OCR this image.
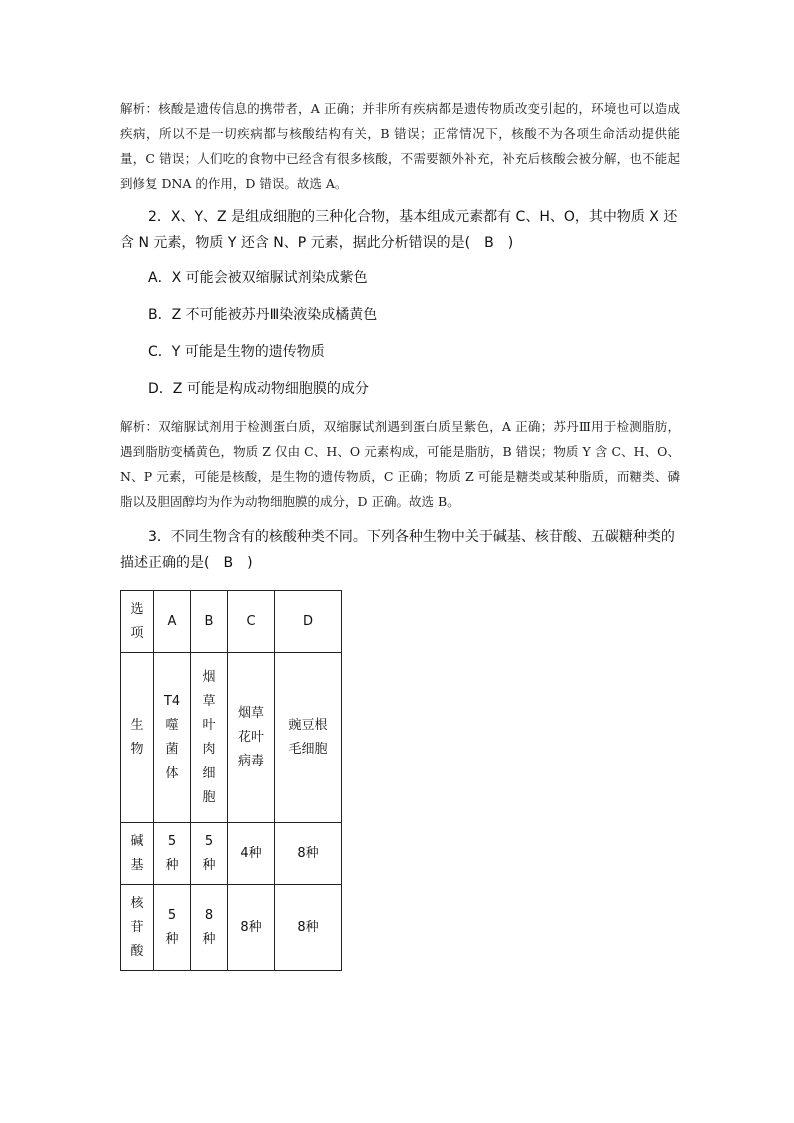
解析：核酸是遗传信息的携带者，A 正确；并非所有疾病都是遗传物质改变引起的，环境也可以造成疾病，所以不是一切疾病都与核酸结构有关，B 错误；正常情况下，核酸不为各项生命活动提供能量，C 错误；人们吃的食物中已经含有很多核酸，不需要额外补充，补充后核酸会被分解，也不能起到修复 DNA 的作用，D 错误。故选 A。

2．X、Y、Z 是组成细胞的三种化合物，基本组成元素都有 C、H、O，其中物质 X 还含 N 元素，物质 Y 还含 N、P 元素，据此分析错误的是(　B　)

A．X 可能会被双缩脲试剂染成紫色
B．Z 不可能被苏丹Ⅲ染液染成橘黄色
C．Y 可能是生物的遗传物质
D．Z 可能是构成动物细胞膜的成分

解析：双缩脲试剂用于检测蛋白质，双缩脲试剂遇到蛋白质呈紫色，A 正确；苏丹Ⅲ用于检测脂肪，遇到脂肪变橘黄色，物质 Z 仅由 C、H、O 元素构成，可能是脂肪，B 错误；物质 Y 含 C、H、O、N、P 元素，可能是核酸，是生物的遗传物质，C 正确；物质 Z 可能是糖类或某种脂质，而糖类、磷脂以及胆固醇均为作为动物细胞膜的成分，D 正确。故选 B。

3．不同生物含有的核酸种类不同。下列各种生物中关于碱基、核苷酸、五碳糖种类的描述正确的是(　B　)

选项	A	B	C	D
生物	T4噬菌体	烟草叶肉细胞	烟草花叶病毒	豌豆根毛细胞
碱基	5种	5种	4种	8种
核苷酸	5种	8种	8种	8种
